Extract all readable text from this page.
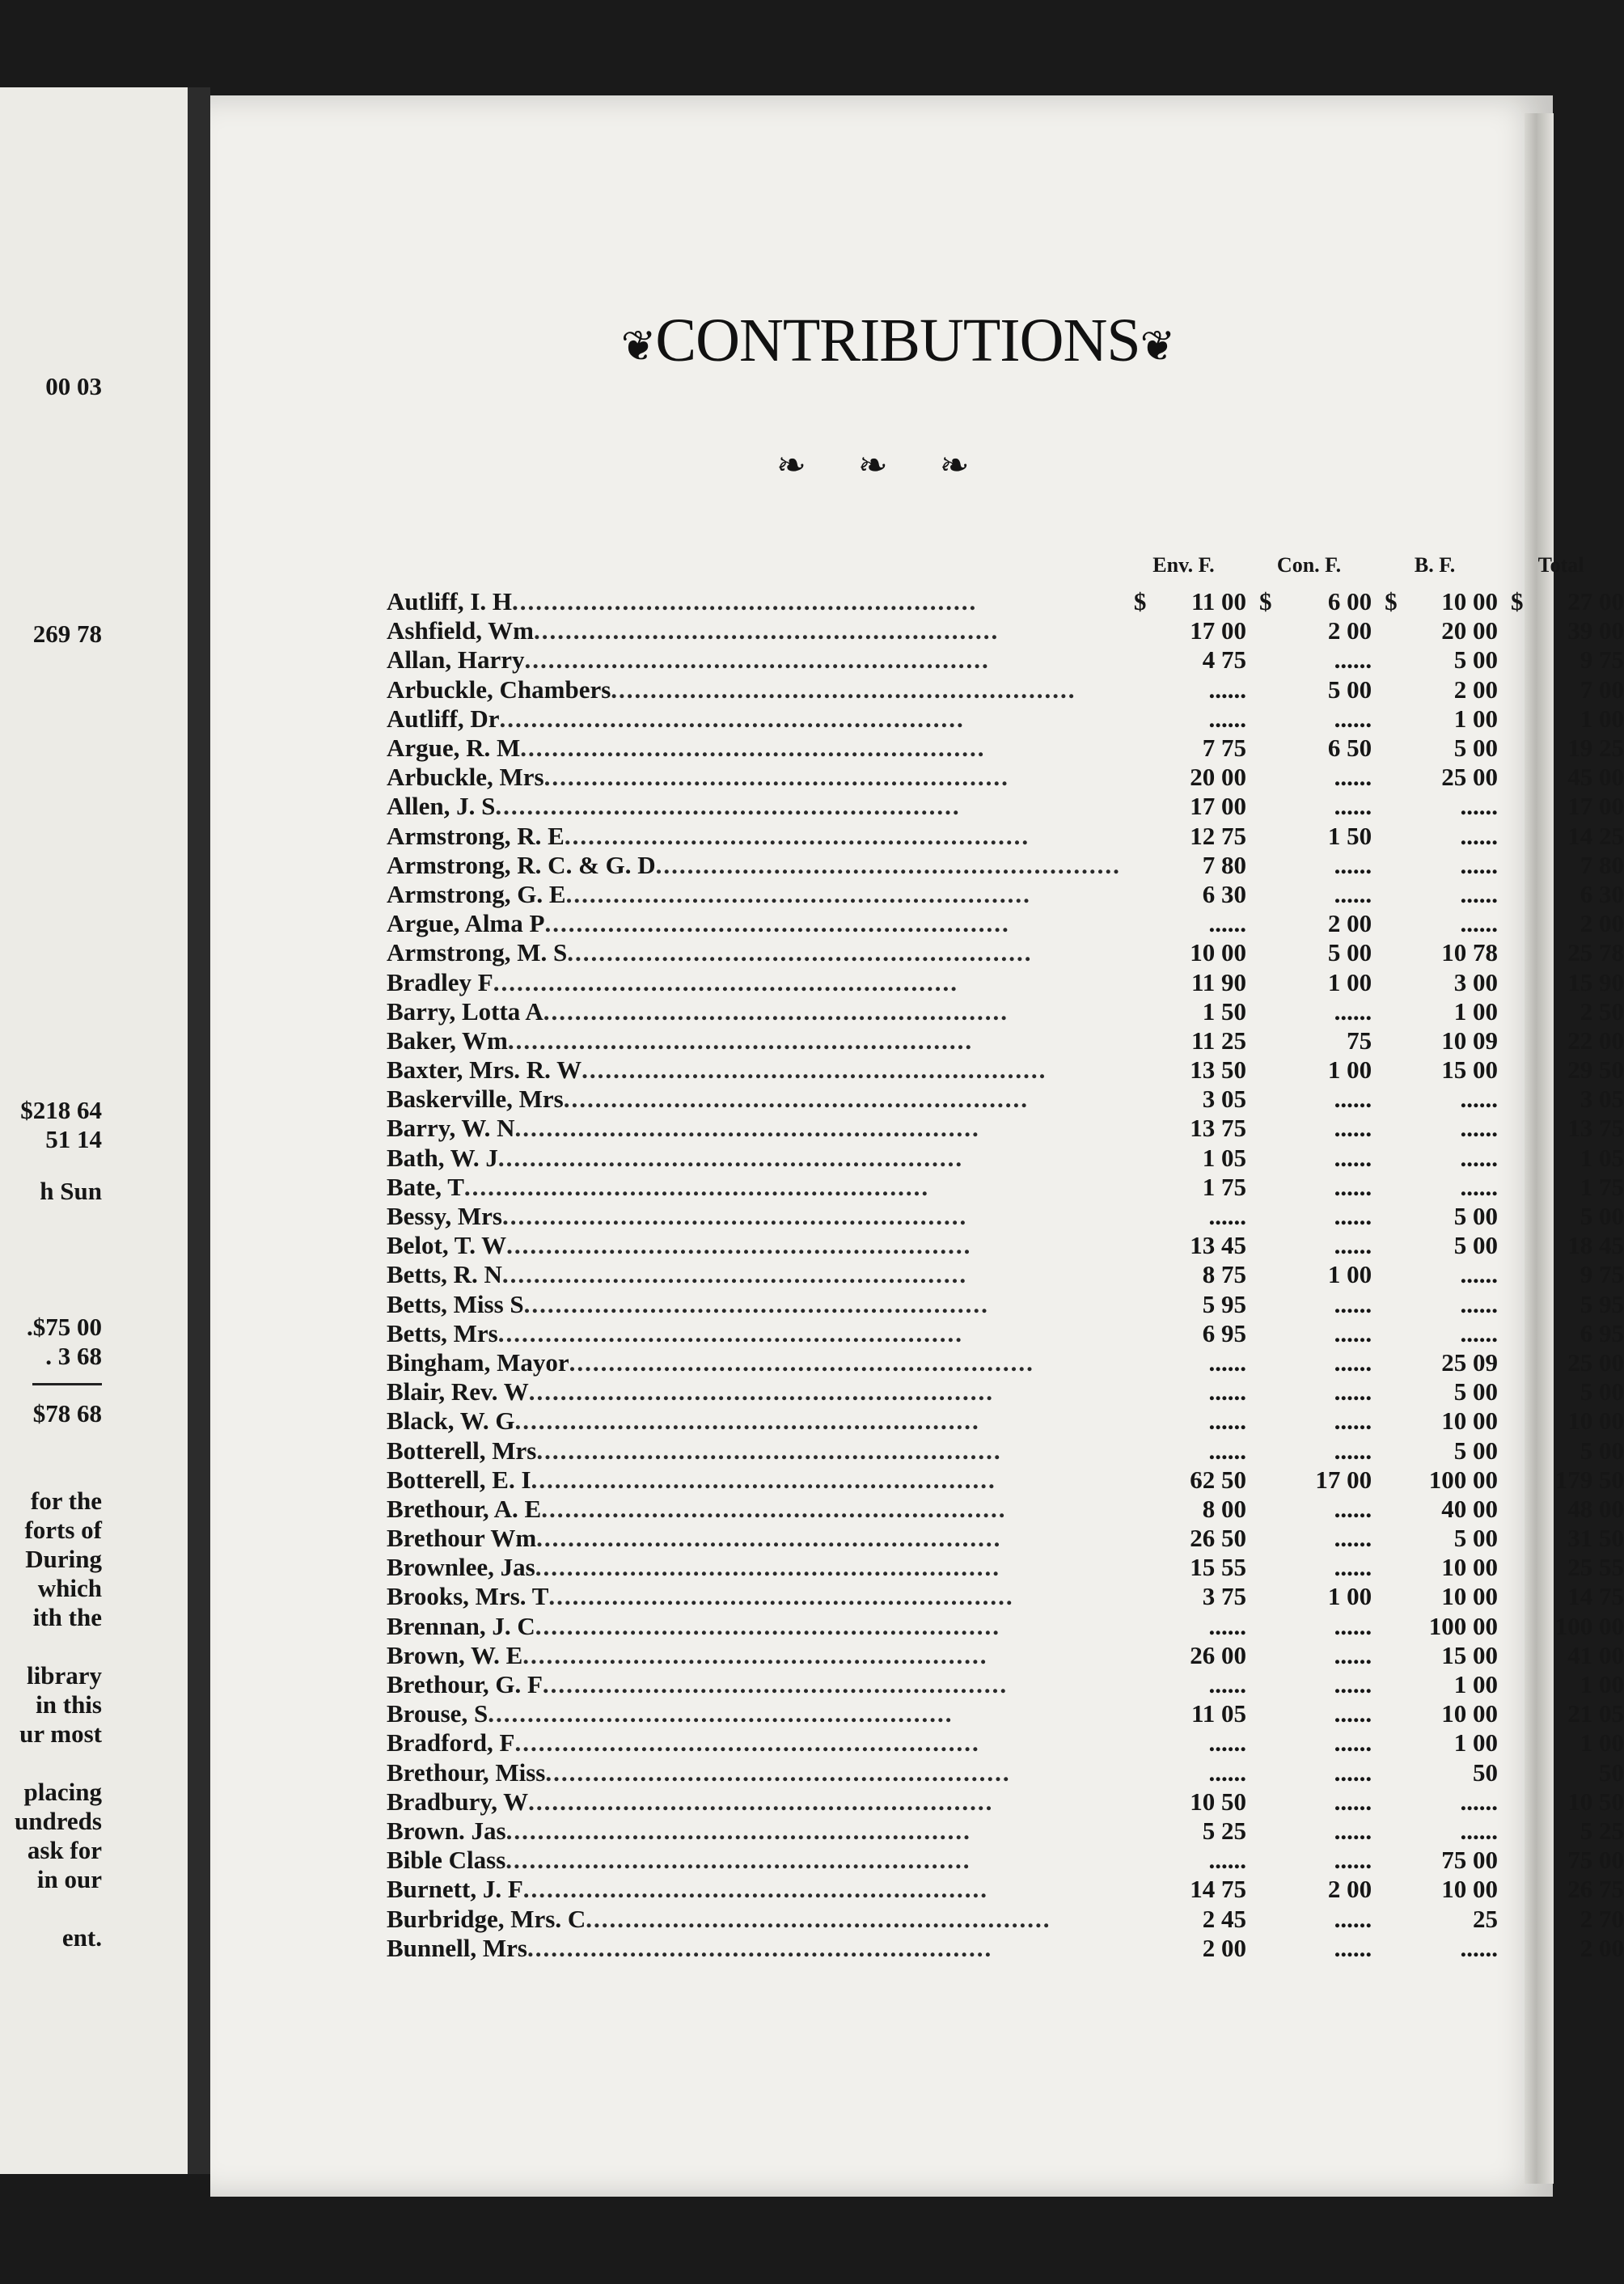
00 03
269 78
$218 64
51 14
h Sun
.$75 00
. 3 68
$78 68
for the
forts of
During
which
ith the
library
in this
ur most
placing
undreds
ask for
in our
ent.
❦CONTRIBUTIONS❦
❧ ❧ ❧
	Env. F.	Con. F.	B. F.	Total
Autliff, I. H...........................................................	$ 11 00	$ 6 00	$ 10 00	$ 27 00
Ashfield, Wm...........................................................	17 00	2 00	20 00	39 00
Allan, Harry...........................................................	4 75	......	5 00	9 75
Arbuckle, Chambers...........................................................	......	5 00	2 00	7 00
Autliff, Dr...........................................................	......	......	1 00	1 00
Argue, R. M...........................................................	7 75	6 50	5 00	19 25
Arbuckle, Mrs...........................................................	20 00	......	25 00	45 00
Allen, J. S...........................................................	17 00	......	......	17 00
Armstrong, R. E...........................................................	12 75	1 50	......	14 25
Armstrong, R. C. & G. D...........................................................	7 80	......	......	7 80
Armstrong, G. E...........................................................	6 30	......	......	6 30
Argue, Alma P...........................................................	......	2 00	......	2 00
Armstrong, M. S...........................................................	10 00	5 00	10 78	25 78
Bradley F...........................................................	11 90	1 00	3 00	15 90
Barry, Lotta A...........................................................	1 50	......	1 00	2 50
Baker, Wm...........................................................	11 25	75	10 09	22 00
Baxter, Mrs. R. W...........................................................	13 50	1 00	15 00	29 50
Baskerville, Mrs...........................................................	3 05	......	......	3 05
Barry, W. N...........................................................	13 75	......	......	13 75
Bath, W. J...........................................................	1 05	......	......	1 05
Bate, T...........................................................	1 75	......	......	1 75
Bessy, Mrs...........................................................	......	......	5 00	5 00
Belot, T. W...........................................................	13 45	......	5 00	18 45
Betts, R. N...........................................................	8 75	1 00	......	9 75
Betts, Miss S...........................................................	5 95	......	......	5 95
Betts, Mrs...........................................................	6 95	......	......	6 95
Bingham, Mayor...........................................................	......	......	25 09	25 00
Blair, Rev. W...........................................................	......	......	5 00	5 00
Black, W. G...........................................................	......	......	10 00	10 00
Botterell, Mrs...........................................................	......	......	5 00	5 00
Botterell, E. I...........................................................	62 50	17 00	100 00	179 50
Brethour, A. E...........................................................	8 00	......	40 00	48 00
Brethour Wm...........................................................	26 50	......	5 00	31 50
Brownlee, Jas...........................................................	15 55	......	10 00	25 55
Brooks, Mrs. T...........................................................	3 75	1 00	10 00	14 75
Brennan, J. C...........................................................	......	......	100 00	100 00
Brown, W. E...........................................................	26 00	......	15 00	41 00
Brethour, G. F...........................................................	......	......	1 00	1 00
Brouse, S...........................................................	11 05	......	10 00	21 05
Bradford, F...........................................................	......	......	1 00	1 00
Brethour, Miss...........................................................	......	......	50	50
Bradbury, W...........................................................	10 50	......	......	10 50
Brown. Jas...........................................................	5 25	......	......	5 25
Bible Class...........................................................	......	......	75 00	75 00
Burnett, J. F...........................................................	14 75	2 00	10 00	26 75
Burbridge, Mrs. C...........................................................	2 45	......	25	2 70
Bunnell, Mrs...........................................................	2 00	......	......	2 00
